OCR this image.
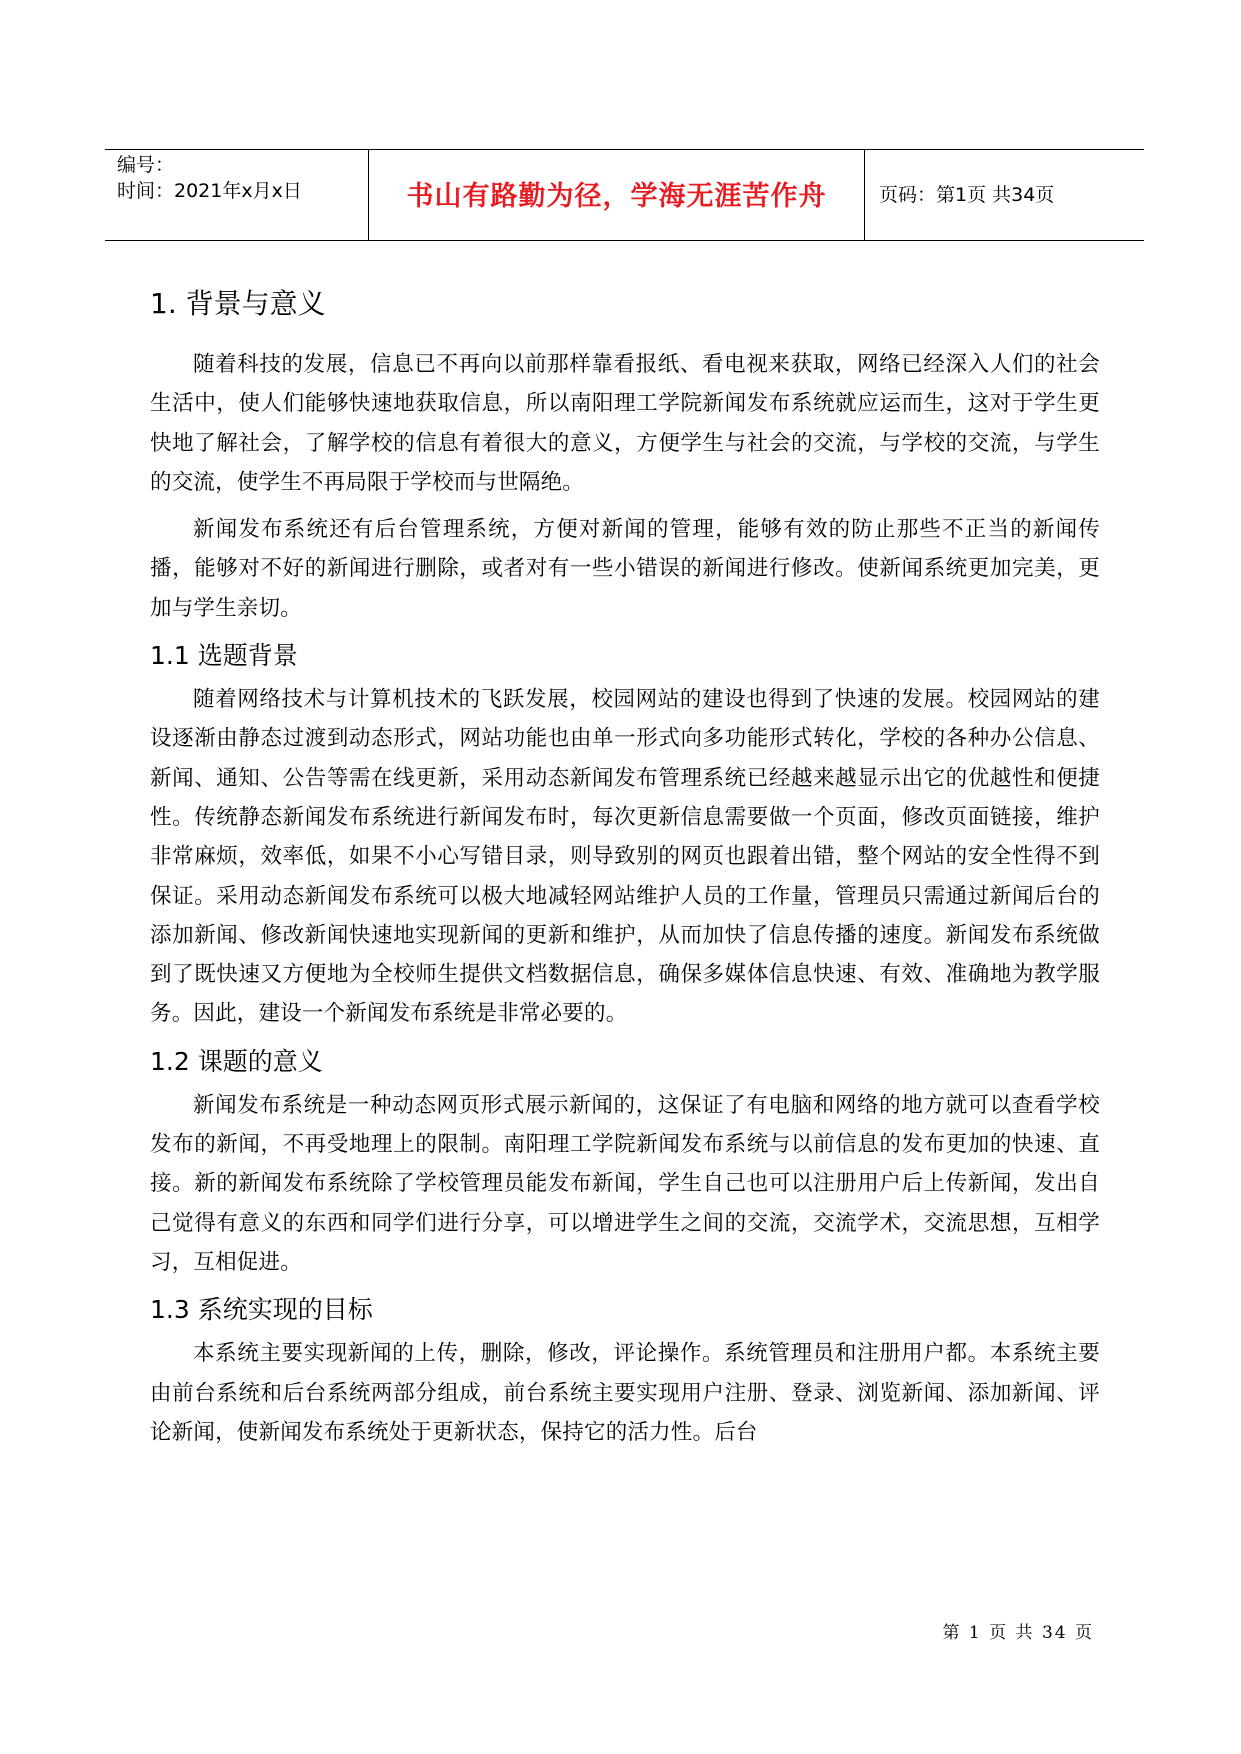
编号：
时间：2021年x月x日	书山有路勤为径，学海无涯苦作舟	页码：第1页 共34页
1. 背景与意义

随着科技的发展，信息已不再向以前那样靠看报纸、看电视来获取，网络已经深入人们的社会生活中，使人们能够快速地获取信息，所以南阳理工学院新闻发布系统就应运而生，这对于学生更快地了解社会，了解学校的信息有着很大的意义，方便学生与社会的交流，与学校的交流，与学生的交流，使学生不再局限于学校而与世隔绝。

新闻发布系统还有后台管理系统，方便对新闻的管理，能够有效的防止那些不正当的新闻传播，能够对不好的新闻进行删除，或者对有一些小错误的新闻进行修改。使新闻系统更加完美，更加与学生亲切。

1.1 选题背景

随着网络技术与计算机技术的飞跃发展，校园网站的建设也得到了快速的发展。校园网站的建设逐渐由静态过渡到动态形式，网站功能也由单一形式向多功能形式转化，学校的各种办公信息、新闻、通知、公告等需在线更新，采用动态新闻发布管理系统已经越来越显示出它的优越性和便捷性。传统静态新闻发布系统进行新闻发布时，每次更新信息需要做一个页面，修改页面链接，维护非常麻烦，效率低，如果不小心写错目录，则导致别的网页也跟着出错，整个网站的安全性得不到保证。采用动态新闻发布系统可以极大地减轻网站维护人员的工作量，管理员只需通过新闻后台的添加新闻、修改新闻快速地实现新闻的更新和维护，从而加快了信息传播的速度。新闻发布系统做到了既快速又方便地为全校师生提供文档数据信息，确保多媒体信息快速、有效、准确地为教学服务。因此，建设一个新闻发布系统是非常必要的。

1.2 课题的意义

新闻发布系统是一种动态网页形式展示新闻的，这保证了有电脑和网络的地方就可以查看学校发布的新闻，不再受地理上的限制。南阳理工学院新闻发布系统与以前信息的发布更加的快速、直接。新的新闻发布系统除了学校管理员能发布新闻，学生自己也可以注册用户后上传新闻，发出自己觉得有意义的东西和同学们进行分享，可以增进学生之间的交流，交流学术，交流思想，互相学习，互相促进。

1.3 系统实现的目标

本系统主要实现新闻的上传，删除，修改，评论操作。系统管理员和注册用户都。本系统主要由前台系统和后台系统两部分组成，前台系统主要实现用户注册、登录、浏览新闻、添加新闻、评论新闻，使新闻发布系统处于更新状态，保持它的活力性。后台

第 1 页 共 34 页
